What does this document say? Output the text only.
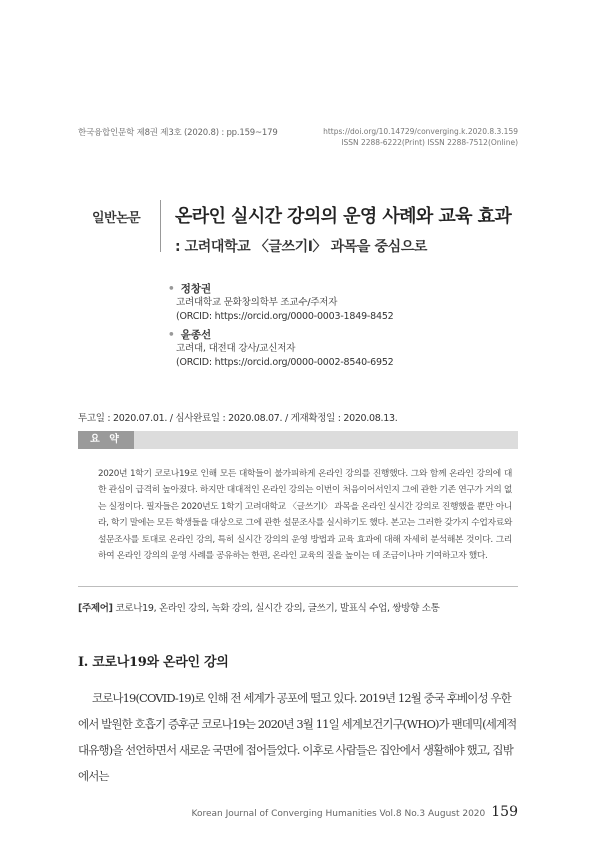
한국융합인문학 제8권 제3호 (2020.8) : pp.159~179	https://doi.org/10.14729/converging.k.2020.8.3.159
ISSN 2288-6222(Print) ISSN 2288-7512(Online)
일반논문 온라인 실시간 강의의 운영 사례와 교육 효과
: 고려대학교 〈글쓰기Ⅰ〉 과목을 중심으로
• 정창권
고려대학교 문화창의학부 조교수/주저자
(ORCID: https://orcid.org/0000-0003-1849-8452
• 윤종선
고려대, 대전대 강사/교신저자
(ORCID: https://orcid.org/0000-0002-8540-6952
투고일 : 2020.07.01. / 심사완료일 : 2020.08.07. / 게재확정일 : 2020.08.13.
요 약
2020년 1학기 코로나19로 인해 모든 대학들이 불가피하게 온라인 강의를 진행했다. 그와 함께 온라인 강의에 대한 관심이 급격히 높아졌다. 하지만 대대적인 온라인 강의는 이번이 처음이어서인지 그에 관한 기존 연구가 거의 없는 실정이다. 필자들은 2020년도 1학기 고려대학교 〈글쓰기Ⅰ〉 과목을 온라인 실시간 강의로 진행했을 뿐만 아니라, 학기 말에는 모든 학생들을 대상으로 그에 관한 설문조사를 실시하기도 했다. 본고는 그러한 갖가지 수업자료와 설문조사를 토대로 온라인 강의, 특히 실시간 강의의 운영 방법과 교육 효과에 대해 자세히 분석해본 것이다. 그리하여 온라인 강의의 운영 사례를 공유하는 한편, 온라인 교육의 질을 높이는 데 조금이나마 기여하고자 했다.
[주제어] 코로나19, 온라인 강의, 녹화 강의, 실시간 강의, 글쓰기, 발표식 수업, 쌍방향 소통
Ⅰ. 코로나19와 온라인 강의

코로나19(COVID-19)로 인해 전 세계가 공포에 떨고 있다. 2019년 12월 중국 후베이성 우한에서 발원한 호흡기 증후군 코로나19는 2020년 3월 11일 세계보건기구(WHO)가 팬데믹(세계적 대유행)을 선언하면서 새로운 국면에 접어들었다. 이후로 사람들은 집안에서 생활해야 했고, 집밖에서는

Korean Journal of Converging Humanities Vol.8 No.3 August 2020 159
